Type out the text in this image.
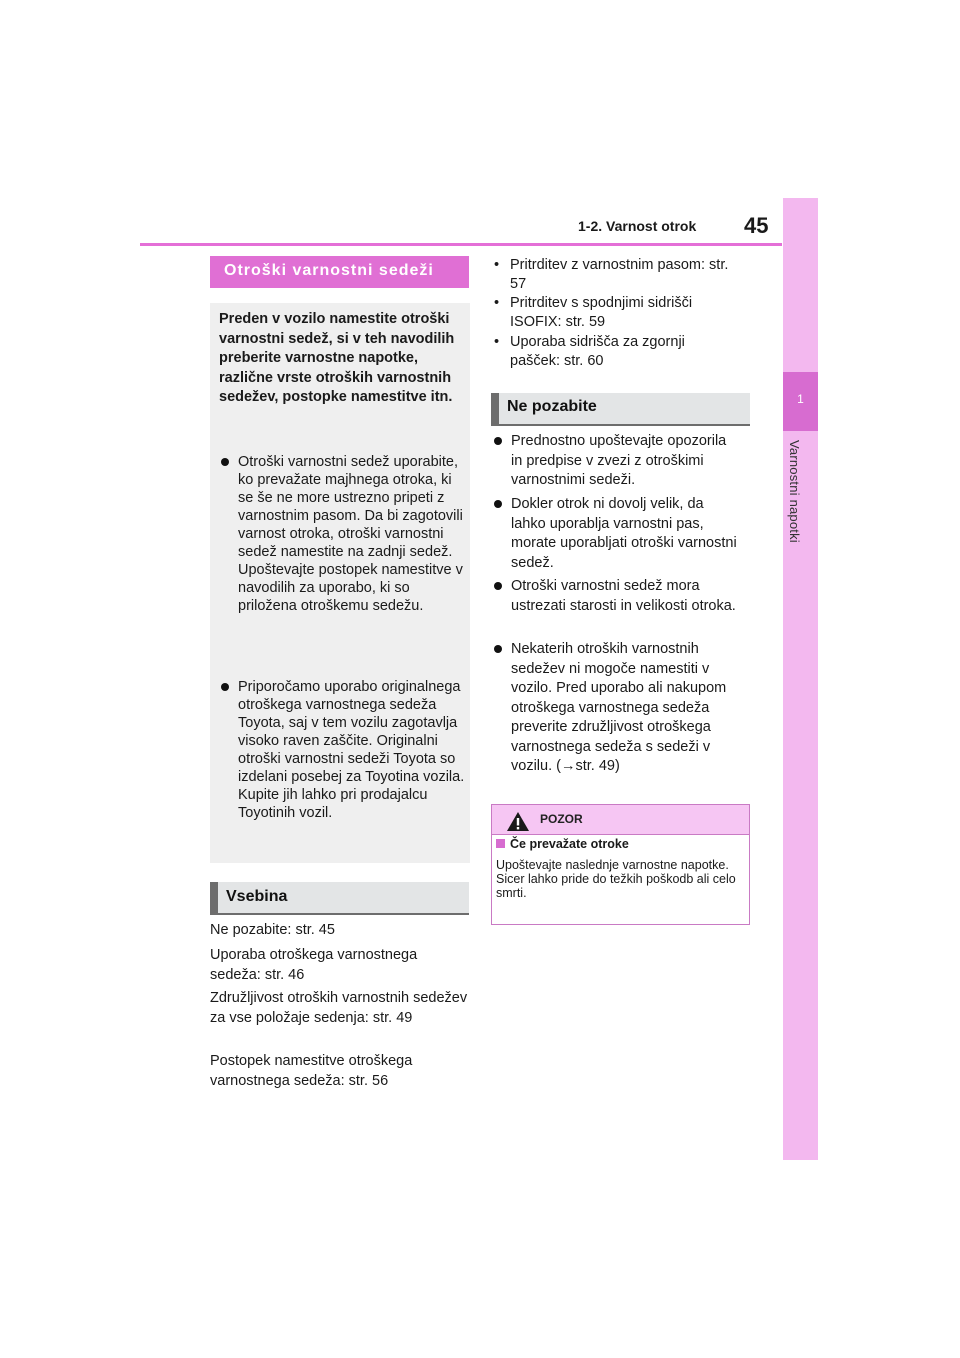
1-2. Varnost otrok 45
1
Varnostni napotki
Otroški varnostni sedeži
Preden v vozilo namestite otroški varnostni sedež, si v teh navodilih preberite varnostne napotke, različne vrste otroških varnostnih sedežev, postopke namestitve itn.
Otroški varnostni sedež uporabite, ko prevažate majhnega otroka, ki se še ne more ustrezno pripeti z varnostnim pasom. Da bi zagotovili varnost otroka, otroški varnostni sedež namestite na zadnji sedež. Upoštevajte postopek namestitve v navodilih za uporabo, ki so priložena otroškemu sedežu.
Priporočamo uporabo originalnega otroškega varnostnega sedeža Toyota, saj v tem vozilu zagotavlja visoko raven zaščite. Originalni otroški varnostni sedeži Toyota so izdelani posebej za Toyotina vozila. Kupite jih lahko pri prodajalcu Toyotinih vozil.
Vsebina
Ne pozabite: str. 45
Uporaba otroškega varnostnega sedeža: str. 46
Združljivost otroških varnostnih sedežev za vse položaje sedenja: str. 49
Postopek namestitve otroškega varnostnega sedeža: str. 56
• Pritrditev z varnostnim pasom: str. 57
• Pritrditev s spodnjimi sidrišči ISOFIX: str. 59
• Uporaba sidrišča za zgornji pašček: str. 60
Ne pozabite
Prednostno upoštevajte opozorila in predpise v zvezi z otroškimi varnostnimi sedeži.
Dokler otrok ni dovolj velik, da lahko uporablja varnostni pas, morate uporabljati otroški varnostni sedež.
Otroški varnostni sedež mora ustrezati starosti in velikosti otroka.
Nekaterih otroških varnostnih sedežev ni mogoče namestiti v vozilo. Pred uporabo ali nakupom otroškega varnostnega sedeža preverite združljivost otroškega varnostnega sedeža s sedeži v vozilu. (→str. 49)
POZOR
Če prevažate otroke
Upoštevajte naslednje varnostne napotke. Sicer lahko pride do težkih poškodb ali celo smrti.
